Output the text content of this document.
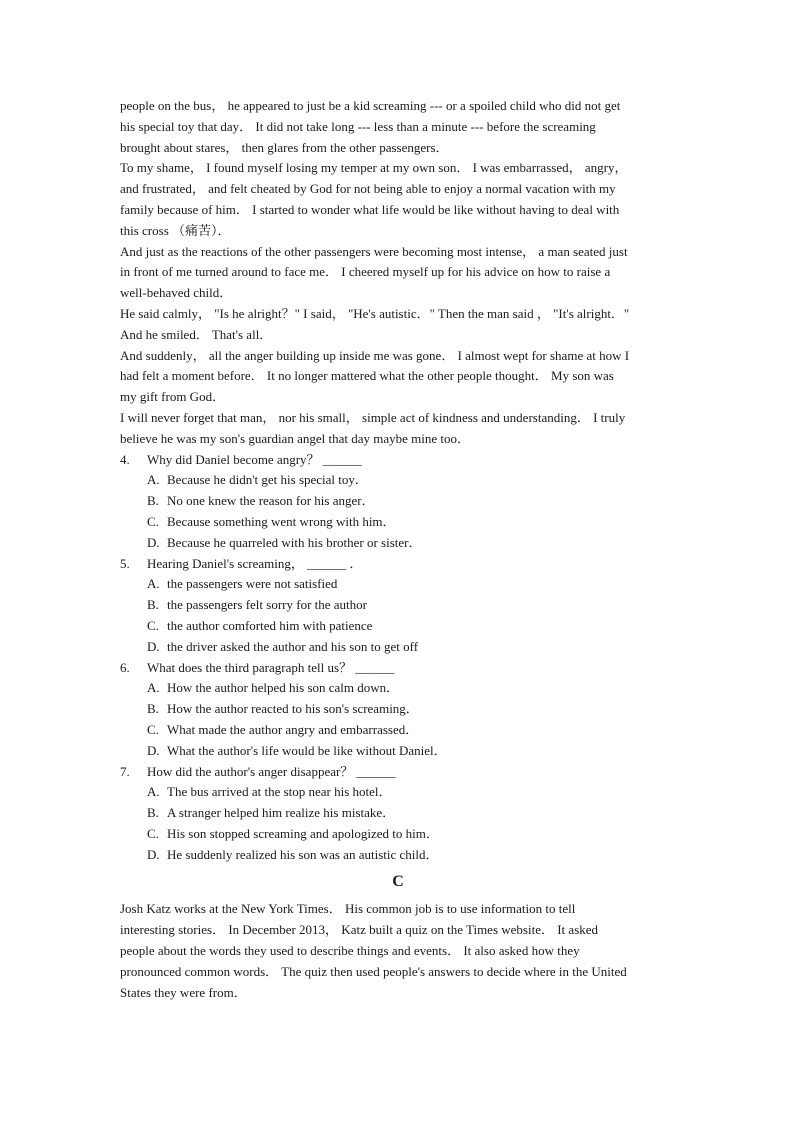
people on the bus， he appeared to just be a kid screaming --- or a spoiled child who did not get
his special toy that day． It did not take long --- less than a minute --- before the screaming
brought about stares， then glares from the other passengers．
To my shame， I found myself losing my temper at my own son． I was embarrassed， angry，
and frustrated， and felt cheated by God for not being able to enjoy a normal vacation with my
family because of him． I started to wonder what life would be like without having to deal with
this cross （痛苦）．
And just as the reactions of the other passengers were becoming most intense， a man seated just
in front of me turned around to face me． I cheered myself up for his advice on how to raise a
well-behaved child．
He said calmly， "Is he alright？" I said， "He's autistic．" Then the man said ， "It's alright．"
And he smiled． That's all．
And suddenly， all the anger building up inside me was gone． I almost wept for shame at how I
had felt a moment before． It no longer mattered what the other people thought． My son was
my gift from God．
I will never forget that man， nor his small， simple act of kindness and understanding． I truly
believe he was my son's guardian angel that day maybe mine too．
4. Why did Daniel become angry？ ______
A. Because he didn't get his special toy．
B. No one knew the reason for his anger．
C. Because something went wrong with him．
D. Because he quarreled with his brother or sister．
5. Hearing Daniel's screaming， ______ ．
A. the passengers were not satisfied
B. the passengers felt sorry for the author
C. the author comforted him with patience
D. the driver asked the author and his son to get off
6. What does the third paragraph tell us？ ______
A. How the author helped his son calm down．
B. How the author reacted to his son's screaming．
C. What made the author angry and embarrassed．
D. What the author's life would be like without Daniel．
7. How did the author's anger disappear？ ______
A. The bus arrived at the stop near his hotel．
B. A stranger helped him realize his mistake．
C. His son stopped screaming and apologized to him．
D. He suddenly realized his son was an autistic child．
C
Josh Katz works at the New York Times． His common job is to use information to tell
interesting stories． In December 2013， Katz built a quiz on the Times website． It asked
people about the words they used to describe things and events． It also asked how they
pronounced common words． The quiz then used people's answers to decide where in the United
States they were from．
